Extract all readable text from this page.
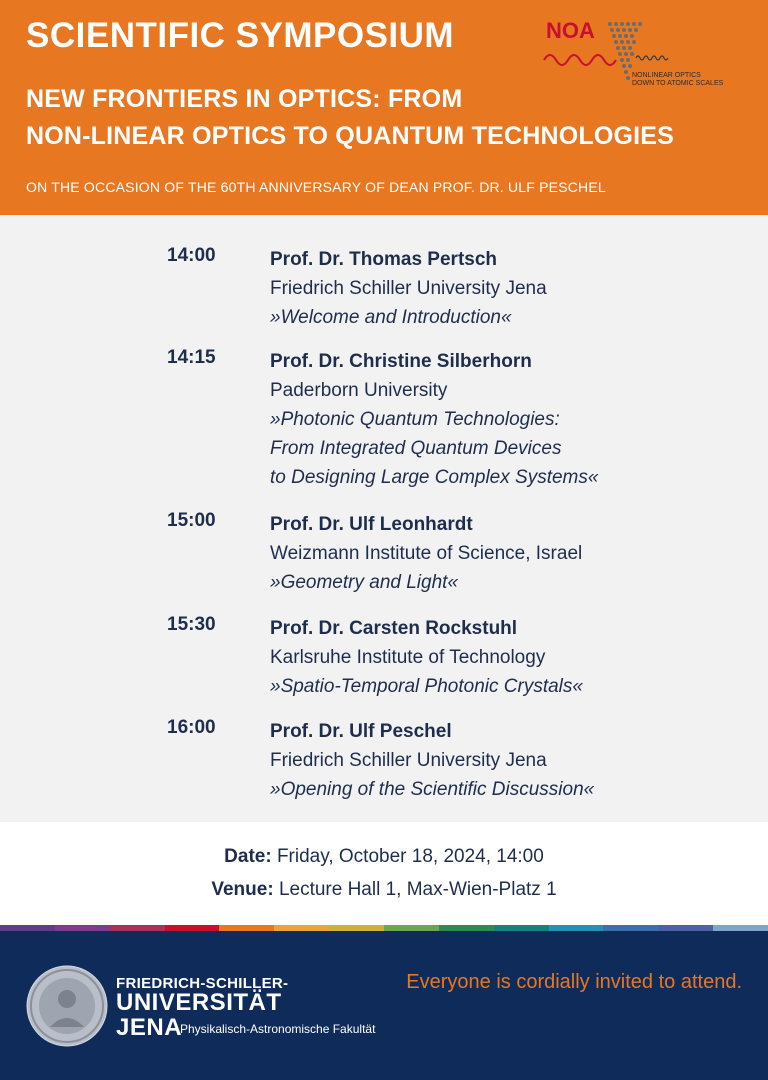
SCIENTIFIC SYMPOSIUM
NEW FRONTIERS IN OPTICS: FROM
NON-LINEAR OPTICS TO QUANTUM TECHNOLOGIES
ON THE OCCASION OF THE 60TH ANNIVERSARY OF DEAN PROF. DR. ULF PESCHEL
NOA
NONLINEAR OPTICS
DOWN TO ATOMIC SCALES
14:00	Prof. Dr. Thomas Pertsch
Friedrich Schiller University Jena
»Welcome and Introduction«
14:15	Prof. Dr. Christine Silberhorn
Paderborn University
»Photonic Quantum Technologies:
From Integrated Quantum Devices
to Designing Large Complex Systems«
15:00	Prof. Dr. Ulf Leonhardt
Weizmann Institute of Science, Israel
»Geometry and Light«
15:30	Prof. Dr. Carsten Rockstuhl
Karlsruhe Institute of Technology
»Spatio-Temporal Photonic Crystals«
16:00	Prof. Dr. Ulf Peschel
Friedrich Schiller University Jena
»Opening of the Scientific Discussion«
Date: Friday, October 18, 2024, 14:00
Venue: Lecture Hall 1, Max-Wien-Platz 1
FRIEDRICH-SCHILLER-
UNIVERSITÄT
JENA
Physikalisch-Astronomische Fakultät
Everyone is cordially invited to attend.
